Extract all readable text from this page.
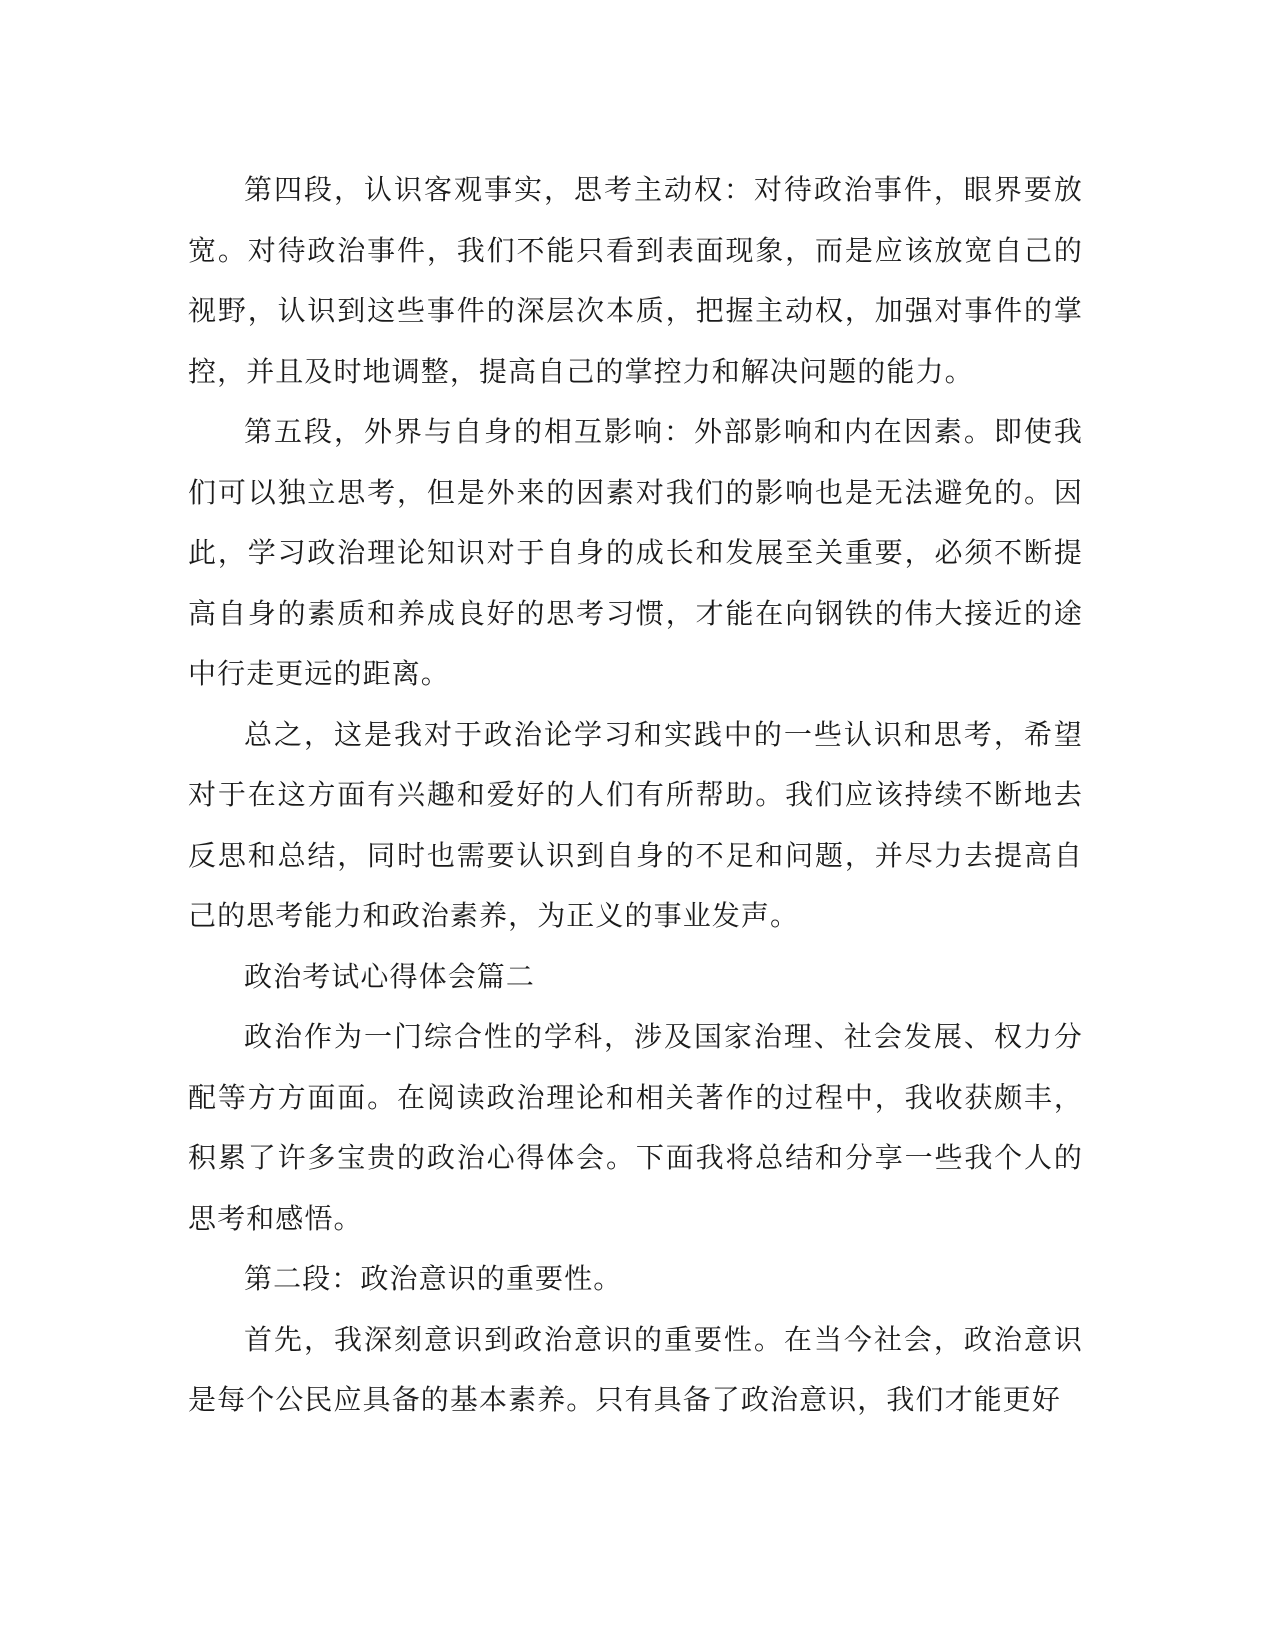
第四段，认识客观事实，思考主动权：对待政治事件，眼界要放宽。对待政治事件，我们不能只看到表面现象，而是应该放宽自己的视野，认识到这些事件的深层次本质，把握主动权，加强对事件的掌控，并且及时地调整，提高自己的掌控力和解决问题的能力。

第五段，外界与自身的相互影响：外部影响和内在因素。即使我们可以独立思考，但是外来的因素对我们的影响也是无法避免的。因此，学习政治理论知识对于自身的成长和发展至关重要，必须不断提高自身的素质和养成良好的思考习惯，才能在向钢铁的伟大接近的途中行走更远的距离。

总之，这是我对于政治论学习和实践中的一些认识和思考，希望对于在这方面有兴趣和爱好的人们有所帮助。我们应该持续不断地去反思和总结，同时也需要认识到自身的不足和问题，并尽力去提高自己的思考能力和政治素养，为正义的事业发声。

政治考试心得体会篇二

政治作为一门综合性的学科，涉及国家治理、社会发展、权力分配等方方面面。在阅读政治理论和相关著作的过程中，我收获颇丰，积累了许多宝贵的政治心得体会。下面我将总结和分享一些我个人的思考和感悟。

第二段：政治意识的重要性。

首先，我深刻意识到政治意识的重要性。在当今社会，政治意识是每个公民应具备的基本素养。只有具备了政治意识，我们才能更好
